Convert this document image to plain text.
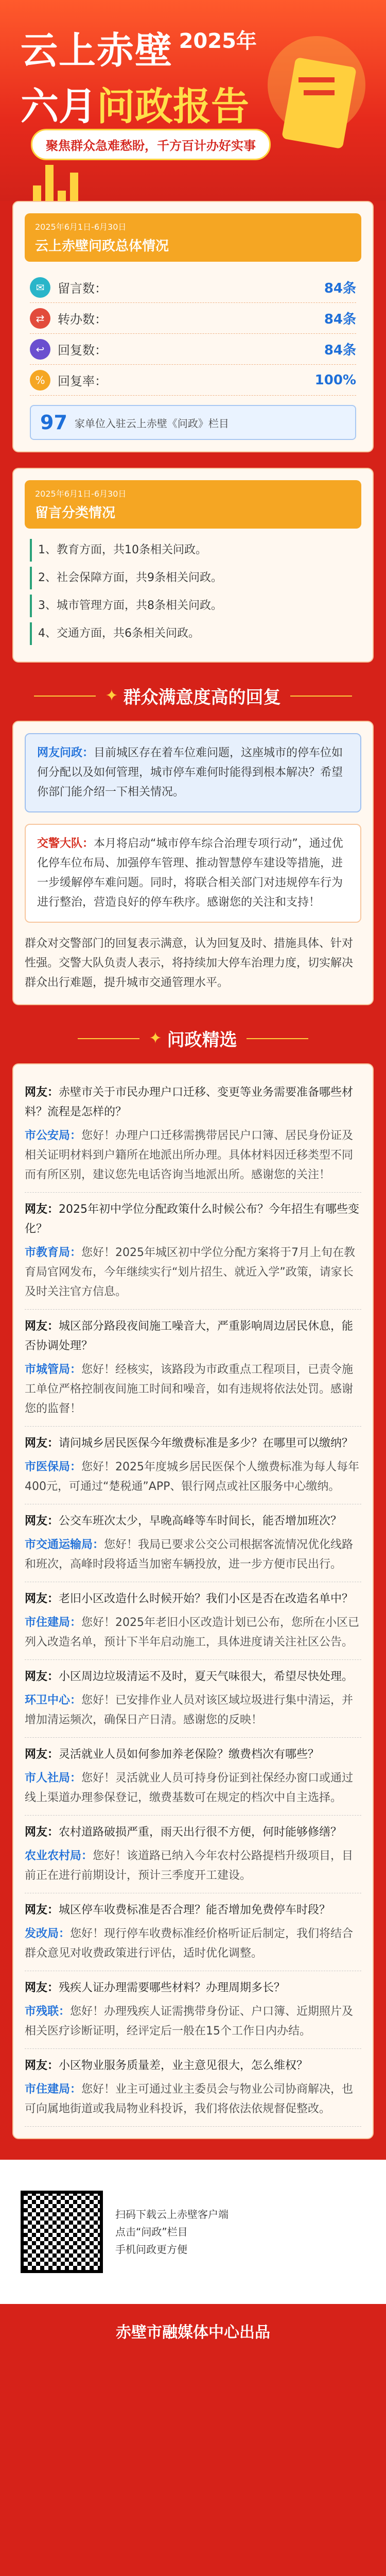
云上赤壁 2025年
六月问政报告
聚焦群众急难愁盼，千方百计办好实事
2025年6月1日-6月30日
云上赤壁问政总体情况
✉	留言数：	84条
⇄	转办数：	84条
↩	回复数：	84条
%	回复率：	100%
97 家单位入驻云上赤壁《问政》栏目
2025年6月1日-6月30日
留言分类情况
1、教育方面，共10条相关问政。
2、社会保障方面，共9条相关问政。
3、城市管理方面，共8条相关问政。
4、交通方面，共6条相关问政。
✦ 群众满意度高的回复
网友问政：目前城区存在着车位难问题，这座城市的停车位如何分配以及如何管理，城市停车难何时能得到根本解决？希望你部门能介绍一下相关情况。
交警大队：本月将启动“城市停车综合治理专项行动”，通过优化停车位布局、加强停车管理、推动智慧停车建设等措施，进一步缓解停车难问题。同时，将联合相关部门对违规停车行为进行整治，营造良好的停车秩序。感谢您的关注和支持！

群众对交警部门的回复表示满意，认为回复及时、措施具体、针对性强。交警大队负责人表示，将持续加大停车治理力度，切实解决群众出行难题，提升城市交通管理水平。

✦ 问政精选
网友：赤壁市关于市民办理户口迁移、变更等业务需要准备哪些材料？流程是怎样的？
市公安局：您好！办理户口迁移需携带居民户口簿、居民身份证及相关证明材料到户籍所在地派出所办理。具体材料因迁移类型不同而有所区别，建议您先电话咨询当地派出所。感谢您的关注！
网友：2025年初中学位分配政策什么时候公布？今年招生有哪些变化？
市教育局：您好！2025年城区初中学位分配方案将于7月上旬在教育局官网发布，今年继续实行“划片招生、就近入学”政策，请家长及时关注官方信息。
网友：城区部分路段夜间施工噪音大，严重影响周边居民休息，能否协调处理？
市城管局：您好！经核实，该路段为市政重点工程项目，已责令施工单位严格控制夜间施工时间和噪音，如有违规将依法处罚。感谢您的监督！
网友：请问城乡居民医保今年缴费标准是多少？在哪里可以缴纳？
市医保局：您好！2025年度城乡居民医保个人缴费标准为每人每年400元，可通过“楚税通”APP、银行网点或社区服务中心缴纳。
网友：公交车班次太少，早晚高峰等车时间长，能否增加班次？
市交通运输局：您好！我局已要求公交公司根据客流情况优化线路和班次，高峰时段将适当加密车辆投放，进一步方便市民出行。
网友：老旧小区改造什么时候开始？我们小区是否在改造名单中？
市住建局：您好！2025年老旧小区改造计划已公布，您所在小区已列入改造名单，预计下半年启动施工，具体进度请关注社区公告。
网友：小区周边垃圾清运不及时，夏天气味很大，希望尽快处理。
环卫中心：您好！已安排作业人员对该区域垃圾进行集中清运，并增加清运频次，确保日产日清。感谢您的反映！
网友：灵活就业人员如何参加养老保险？缴费档次有哪些？
市人社局：您好！灵活就业人员可持身份证到社保经办窗口或通过线上渠道办理参保登记，缴费基数可在规定的档次中自主选择。
网友：农村道路破损严重，雨天出行很不方便，何时能够修缮？
农业农村局：您好！该道路已纳入今年农村公路提档升级项目，目前正在进行前期设计，预计三季度开工建设。
网友：城区停车收费标准是否合理？能否增加免费停车时段？
发改局：您好！现行停车收费标准经价格听证后制定，我们将结合群众意见对收费政策进行评估，适时优化调整。
网友：残疾人证办理需要哪些材料？办理周期多长？
市残联：您好！办理残疾人证需携带身份证、户口簿、近期照片及相关医疗诊断证明，经评定后一般在15个工作日内办结。
网友：小区物业服务质量差，业主意见很大，怎么维权？
市住建局：您好！业主可通过业主委员会与物业公司协商解决，也可向属地街道或我局物业科投诉，我们将依法依规督促整改。
扫码下载云上赤壁客户端
点击“问政”栏目
手机问政更方便
赤壁市融媒体中心出品
